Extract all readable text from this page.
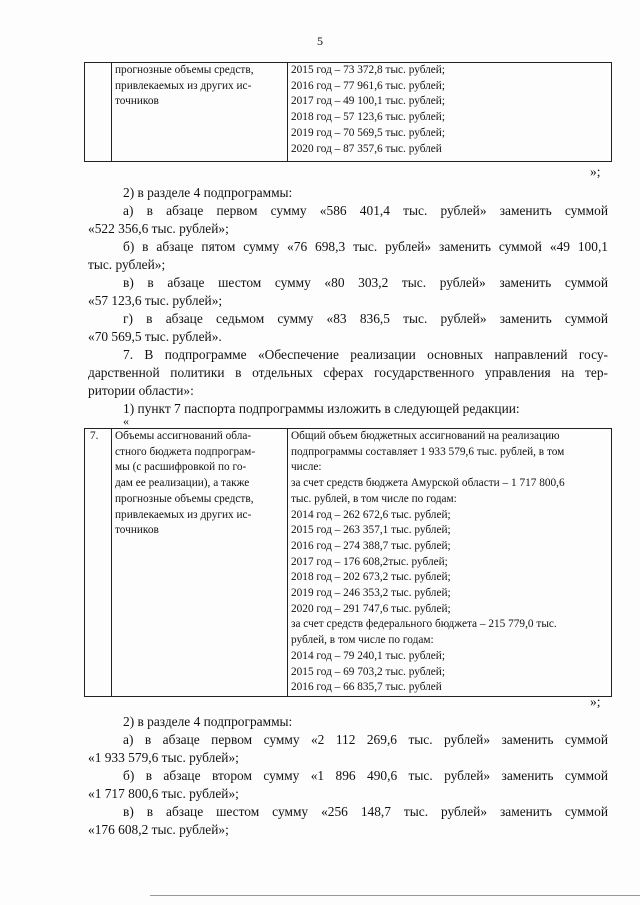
5

прогнозные объемы средств,
привлекаемых из других ис-
точников

2015 год – 73 372,8 тыс. рублей;
2016 год – 77 961,6 тыс. рублей;
2017 год – 49 100,1 тыс. рублей;
2018 год – 57 123,6 тыс. рублей;
2019 год – 70 569,5 тыс. рублей;
2020 год – 87 357,6 тыс. рублей
»;
2) в разделе 4 подпрограммы:
а) в абзаце первом сумму «586 401,4 тыс. рублей» заменить суммой
«522 356,6 тыс. рублей»;
б) в абзаце пятом сумму «76 698,3 тыс. рублей» заменить суммой «49 100,1
тыс. рублей»;
в) в абзаце шестом сумму «80 303,2 тыс. рублей» заменить суммой
«57 123,6 тыс. рублей»;
г) в абзаце седьмом сумму «83 836,5 тыс. рублей» заменить суммой
«70 569,5 тыс. рублей».
7. В подпрограмме «Обеспечение реализации основных направлений госу-
дарственной политики в отдельных сферах государственного управления на тер-
ритории области»:
1) пункт 7 паспорта подпрограммы изложить в следующей редакции:
«
7.	Объемы ассигнований обла-
стного бюджета подпрограм-
мы (с расшифровкой по го-
дам ее реализации), а также
прогнозные объемы средств,
привлекаемых из других ис-
точников

Общий объем бюджетных ассигнований на реализацию
подпрограммы составляет 1 933 579,6 тыс. рублей, в том
числе:
за счет средств бюджета Амурской области – 1 717 800,6
тыс. рублей, в том числе по годам:
2014 год – 262 672,6 тыс. рублей;
2015 год – 263 357,1 тыс. рублей;
2016 год – 274 388,7 тыс. рублей;
2017 год – 176 608,2тыс. рублей;
2018 год – 202 673,2 тыс. рублей;
2019 год – 246 353,2 тыс. рублей;
2020 год – 291 747,6 тыс. рублей;
за счет средств федерального бюджета – 215 779,0 тыс.
рублей, в том числе по годам:
2014 год – 79 240,1 тыс. рублей;
2015 год – 69 703,2 тыс. рублей;
2016 год – 66 835,7 тыс. рублей
»;
2) в разделе 4 подпрограммы:
а) в абзаце первом сумму «2 112 269,6 тыс. рублей» заменить суммой
«1 933 579,6 тыс. рублей»;
б) в абзаце втором сумму «1 896 490,6 тыс. рублей» заменить суммой
«1 717 800,6 тыс. рублей»;
в) в абзаце шестом сумму «256 148,7 тыс. рублей» заменить суммой
«176 608,2 тыс. рублей»;
